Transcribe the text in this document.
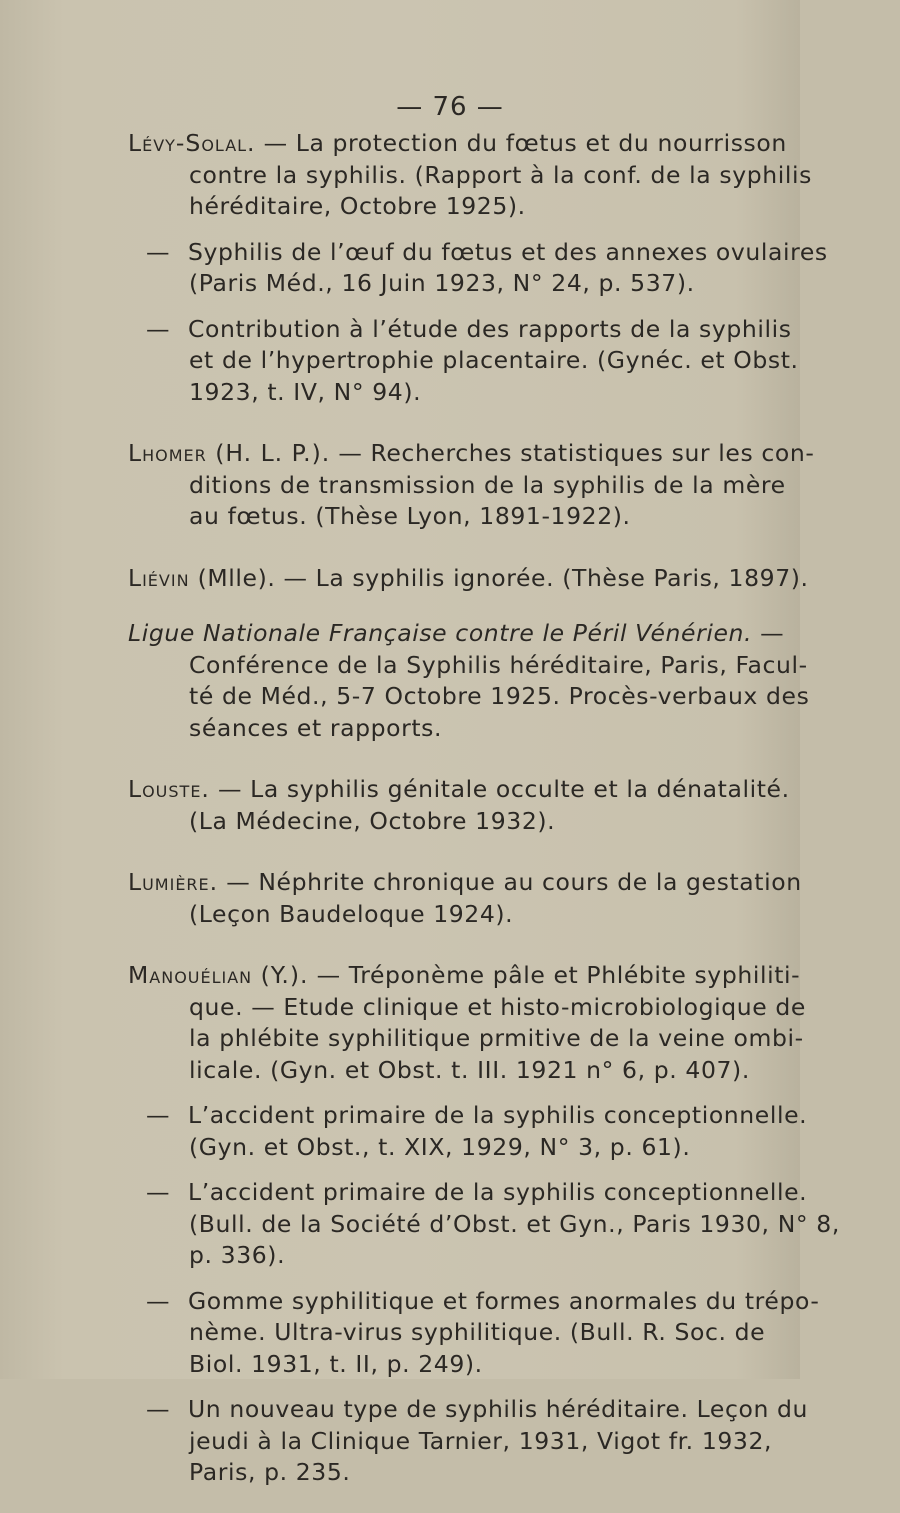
— 76 —
Lévy-Solal. — La protection du fœtus et du nourrisson
contre la syphilis. (Rapport à la conf. de la syphilis
héréditaire, Octobre 1925).
— Syphilis de l’œuf du fœtus et des annexes ovulaires
(Paris Méd., 16 Juin 1923, N° 24, p. 537).
— Contribution à l’étude des rapports de la syphilis
et de l’hypertrophie placentaire. (Gynéc. et Obst.
1923, t. IV, N° 94).
Lhomer (H. L. P.). — Recherches statistiques sur les con-
ditions de transmission de la syphilis de la mère
au fœtus. (Thèse Lyon, 1891-1922).
Liévin (Mlle). — La syphilis ignorée. (Thèse Paris, 1897).
Ligue Nationale Française contre le Péril Vénérien. —
Conférence de la Syphilis héréditaire, Paris, Facul-
té de Méd., 5-7 Octobre 1925. Procès-verbaux des
séances et rapports.
Louste. — La syphilis génitale occulte et la dénatalité.
(La Médecine, Octobre 1932).
Lumière. — Néphrite chronique au cours de la gestation
(Leçon Baudeloque 1924).
Manouélian (Y.). — Tréponème pâle et Phlébite syphiliti-
que. — Etude clinique et histo-microbiologique de
la phlébite syphilitique prmitive de la veine ombi-
licale. (Gyn. et Obst. t. III. 1921 n° 6, p. 407).
— L’accident primaire de la syphilis conceptionnelle.
(Gyn. et Obst., t. XIX, 1929, N° 3, p. 61).
— L’accident primaire de la syphilis conceptionnelle.
(Bull. de la Société d’Obst. et Gyn., Paris 1930, N° 8,
p. 336).
— Gomme syphilitique et formes anormales du trépo-
nème. Ultra-virus syphilitique. (Bull. R. Soc. de
Biol. 1931, t. II, p. 249).
— Un nouveau type de syphilis héréditaire. Leçon du
jeudi à la Clinique Tarnier, 1931, Vigot fr. 1932,
Paris, p. 235.
